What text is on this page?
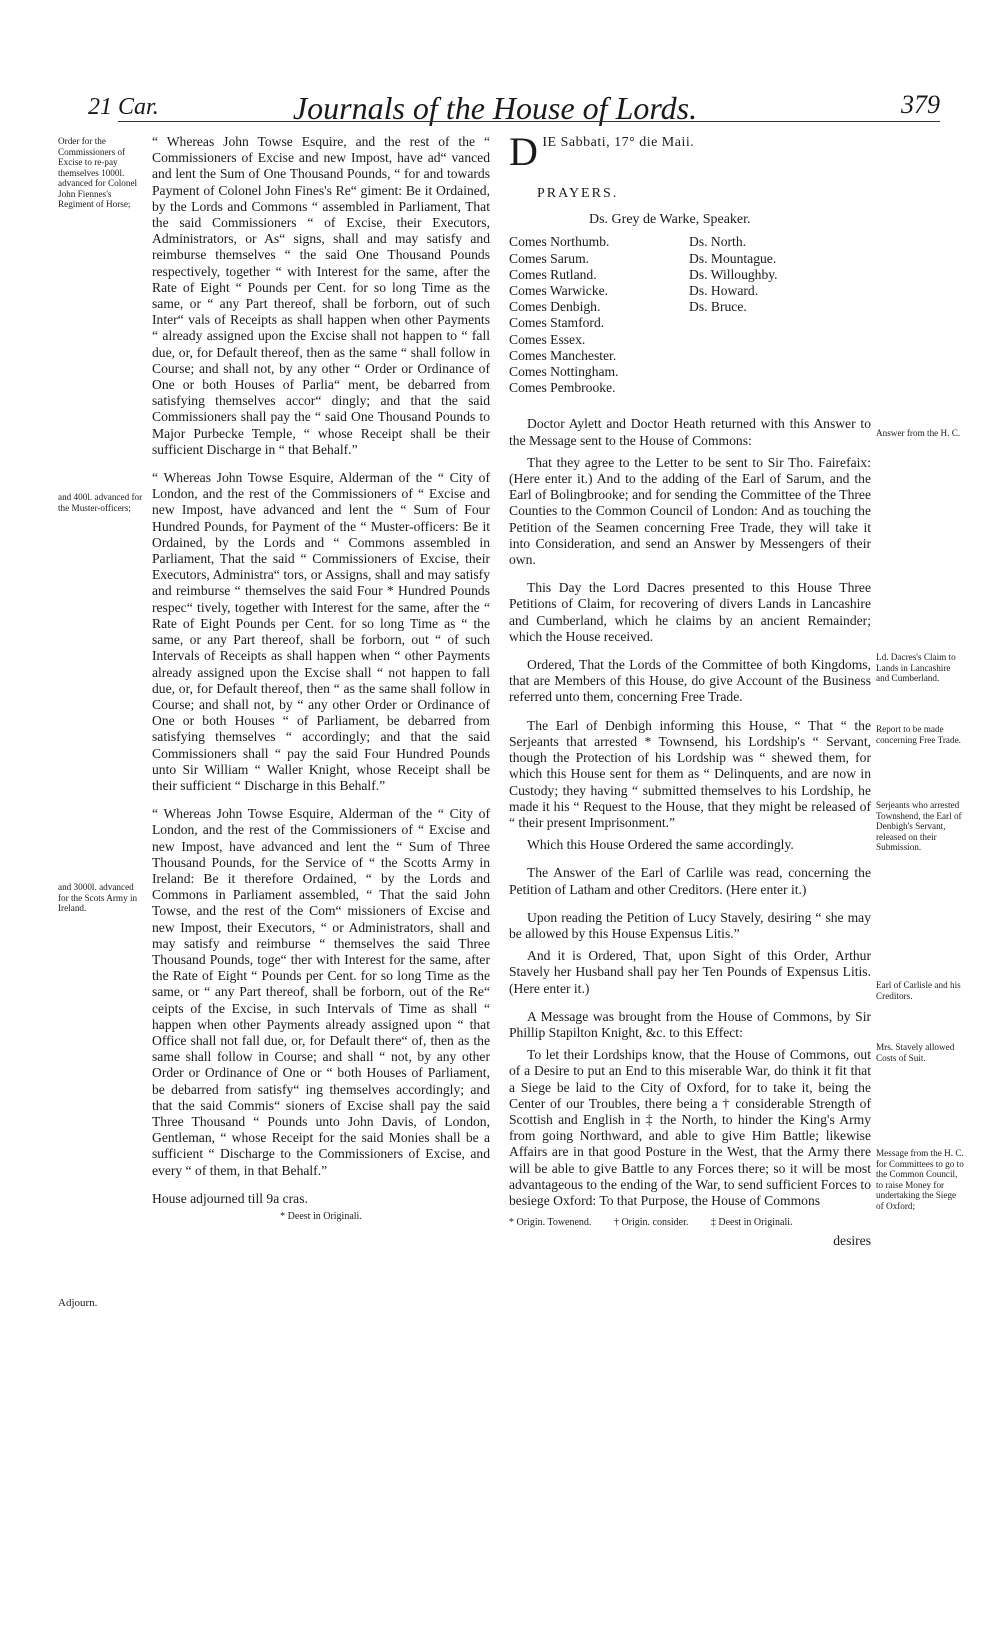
21 Car.	Journals of the House of Lords.	379
Order for the Commissioners of Excise to re-pay themselves 1000l. advanced for Colonel John Fiennes's Regiment of Horse;
and 400l. advanced for the Muster-officers;
and 3000l. advanced for the Scots Army in Ireland.
Adjourn.

“ Whereas John Towse Esquire, and the rest of the “ Commissioners of Excise and new Impost, have ad“ vanced and lent the Sum of One Thousand Pounds, “ for and towards Payment of Colonel John Fines's Re“ giment: Be it Ordained, by the Lords and Commons “ assembled in Parliament, That the said Commissioners “ of Excise, their Executors, Administrators, or As“ signs, shall and may satisfy and reimburse themselves “ the said One Thousand Pounds respectively, together “ with Interest for the same, after the Rate of Eight “ Pounds per Cent. for so long Time as the same, or “ any Part thereof, shall be forborn, out of such Inter“ vals of Receipts as shall happen when other Payments “ already assigned upon the Excise shall not happen to “ fall due, or, for Default thereof, then as the same “ shall follow in Course; and shall not, by any other “ Order or Ordinance of One or both Houses of Parlia“ ment, be debarred from satisfying themselves accor“ dingly; and that the said Commissioners shall pay the “ said One Thousand Pounds to Major Purbecke Temple, “ whose Receipt shall be their sufficient Discharge in “ that Behalf.”

“ Whereas John Towse Esquire, Alderman of the “ City of London, and the rest of the Commissioners of “ Excise and new Impost, have advanced and lent the “ Sum of Four Hundred Pounds, for Payment of the “ Muster-officers: Be it Ordained, by the Lords and “ Commons assembled in Parliament, That the said “ Commissioners of Excise, their Executors, Administra“ tors, or Assigns, shall and may satisfy and reimburse “ themselves the said Four * Hundred Pounds respec“ tively, together with Interest for the same, after the “ Rate of Eight Pounds per Cent. for so long Time as “ the same, or any Part thereof, shall be forborn, out “ of such Intervals of Receipts as shall happen when “ other Payments already assigned upon the Excise shall “ not happen to fall due, or, for Default thereof, then “ as the same shall follow in Course; and shall not, by “ any other Order or Ordinance of One or both Houses “ of Parliament, be debarred from satisfying themselves “ accordingly; and that the said Commissioners shall “ pay the said Four Hundred Pounds unto Sir William “ Waller Knight, whose Receipt shall be their sufficient “ Discharge in this Behalf.”

“ Whereas John Towse Esquire, Alderman of the “ City of London, and the rest of the Commissioners of “ Excise and new Impost, have advanced and lent the “ Sum of Three Thousand Pounds, for the Service of “ the Scotts Army in Ireland: Be it therefore Ordained, “ by the Lords and Commons in Parliament assembled, “ That the said John Towse, and the rest of the Com“ missioners of Excise and new Impost, their Executors, “ or Administrators, shall and may satisfy and reimburse “ themselves the said Three Thousand Pounds, toge“ ther with Interest for the same, after the Rate of Eight “ Pounds per Cent. for so long Time as the same, or “ any Part thereof, shall be forborn, out of the Re“ ceipts of the Excise, in such Intervals of Time as shall “ happen when other Payments already assigned upon “ that Office shall not fall due, or, for Default there“ of, then as the same shall follow in Course; and shall “ not, by any other Order or Ordinance of One or “ both Houses of Parliament, be debarred from satisfy“ ing themselves accordingly; and that the said Commis“ sioners of Excise shall pay the said Three Thousand “ Pounds unto John Davis, of London, Gentleman, “ whose Receipt for the said Monies shall be a sufficient “ Discharge to the Commissioners of Excise, and every “ of them, in that Behalf.”

House adjourned till 9a cras.

* Deest in Originali.
D IE Sabbati, 17° die Maii.
PRAYERS.
Ds. Grey de Warke, Speaker.
Comes Northumb.
Comes Sarum.
Comes Rutland.
Comes Warwicke.
Comes Denbigh.
Comes Stamford.
Comes Essex.
Comes Manchester.
Comes Nottingham.
Comes Pembrooke.
Ds. North.
Ds. Mountague.
Ds. Willoughby.
Ds. Howard.
Ds. Bruce.

Doctor Aylett and Doctor Heath returned with this Answer to the Message sent to the House of Commons:

That they agree to the Letter to be sent to Sir Tho. Fairefaix: (Here enter it.) And to the adding of the Earl of Sarum, and the Earl of Bolingbrooke; and for sending the Committee of the Three Counties to the Common Council of London: And as touching the Petition of the Seamen concerning Free Trade, they will take it into Consideration, and send an Answer by Messengers of their own.

This Day the Lord Dacres presented to this House Three Petitions of Claim, for recovering of divers Lands in Lancashire and Cumberland, which he claims by an ancient Remainder; which the House received.

Ordered, That the Lords of the Committee of both Kingdoms, that are Members of this House, do give Account of the Business referred unto them, concerning Free Trade.

The Earl of Denbigh informing this House, “ That “ the Serjeants that arrested * Townsend, his Lordship's “ Servant, though the Protection of his Lordship was “ shewed them, for which this House sent for them as “ Delinquents, and are now in Custody; they having “ submitted themselves to his Lordship, he made it his “ Request to the House, that they might be released of “ their present Imprisonment.”

Which this House Ordered the same accordingly.

The Answer of the Earl of Carlile was read, concerning the Petition of Latham and other Creditors. (Here enter it.)

Upon reading the Petition of Lucy Stavely, desiring “ she may be allowed by this House Expensus Litis.”

And it is Ordered, That, upon Sight of this Order, Arthur Stavely her Husband shall pay her Ten Pounds of Expensus Litis. (Here enter it.)

A Message was brought from the House of Commons, by Sir Phillip Stapilton Knight, &c. to this Effect:

To let their Lordships know, that the House of Commons, out of a Desire to put an End to this miserable War, do think it fit that a Siege be laid to the City of Oxford, for to take it, being the Center of our Troubles, there being a † considerable Strength of Scottish and English in ‡ the North, to hinder the King's Army from going Northward, and able to give Him Battle; likewise Affairs are in that good Posture in the West, that the Army there will be able to give Battle to any Forces there; so it will be most advantageous to the ending of the War, to send sufficient Forces to besiege Oxford: To that Purpose, the House of Commons

* Origin. Towenend. † Origin. consider. ‡ Deest in Originali.
desires
Answer from the H. C.
Ld. Dacres's Claim to Lands in Lancashire and Cumberland.
Report to be made concerning Free Trade.
Serjeants who arrested Townshend, the Earl of Denbigh's Servant, released on their Submission.
Earl of Carlisle and his Creditors.
Mrs. Stavely allowed Costs of Suit.
Message from the H. C. for Committees to go to the Common Council, to raise Money for undertaking the Siege of Oxford;
